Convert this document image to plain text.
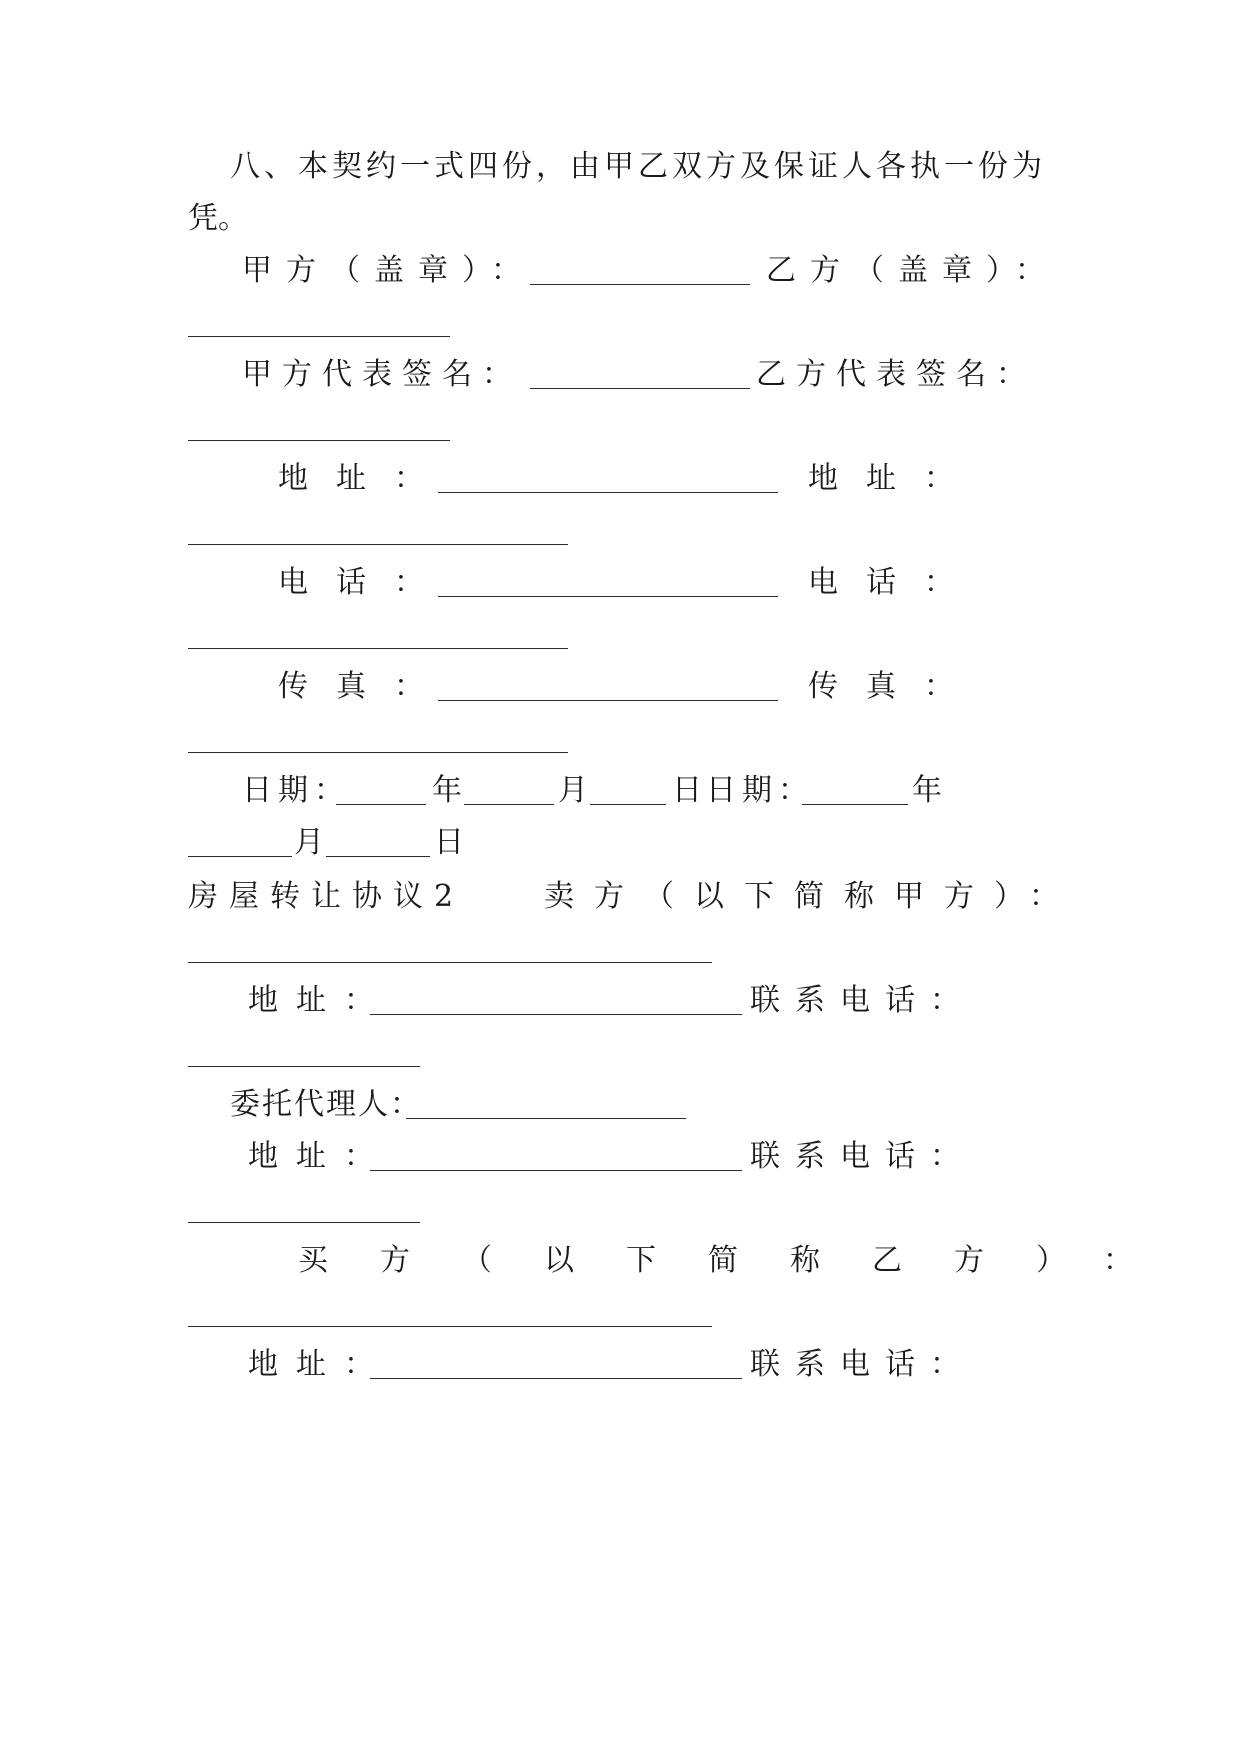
八、本契约一式四份，由甲乙双方及保证人各执一份为
凭。
甲方（盖章）：	乙方（盖章）：
甲方代表签名：	乙方代表签名：
地址：	地址：
电话：	电话：
传真：	传真：
日期：	年	月	日 日期：	年
月	日
房屋转让协议2	卖方（以下简称甲方）：
地址：	联系电话：
委托代理人：
地址：	联系电话：
买方（以下简称乙方）：
地址：	联系电话：
